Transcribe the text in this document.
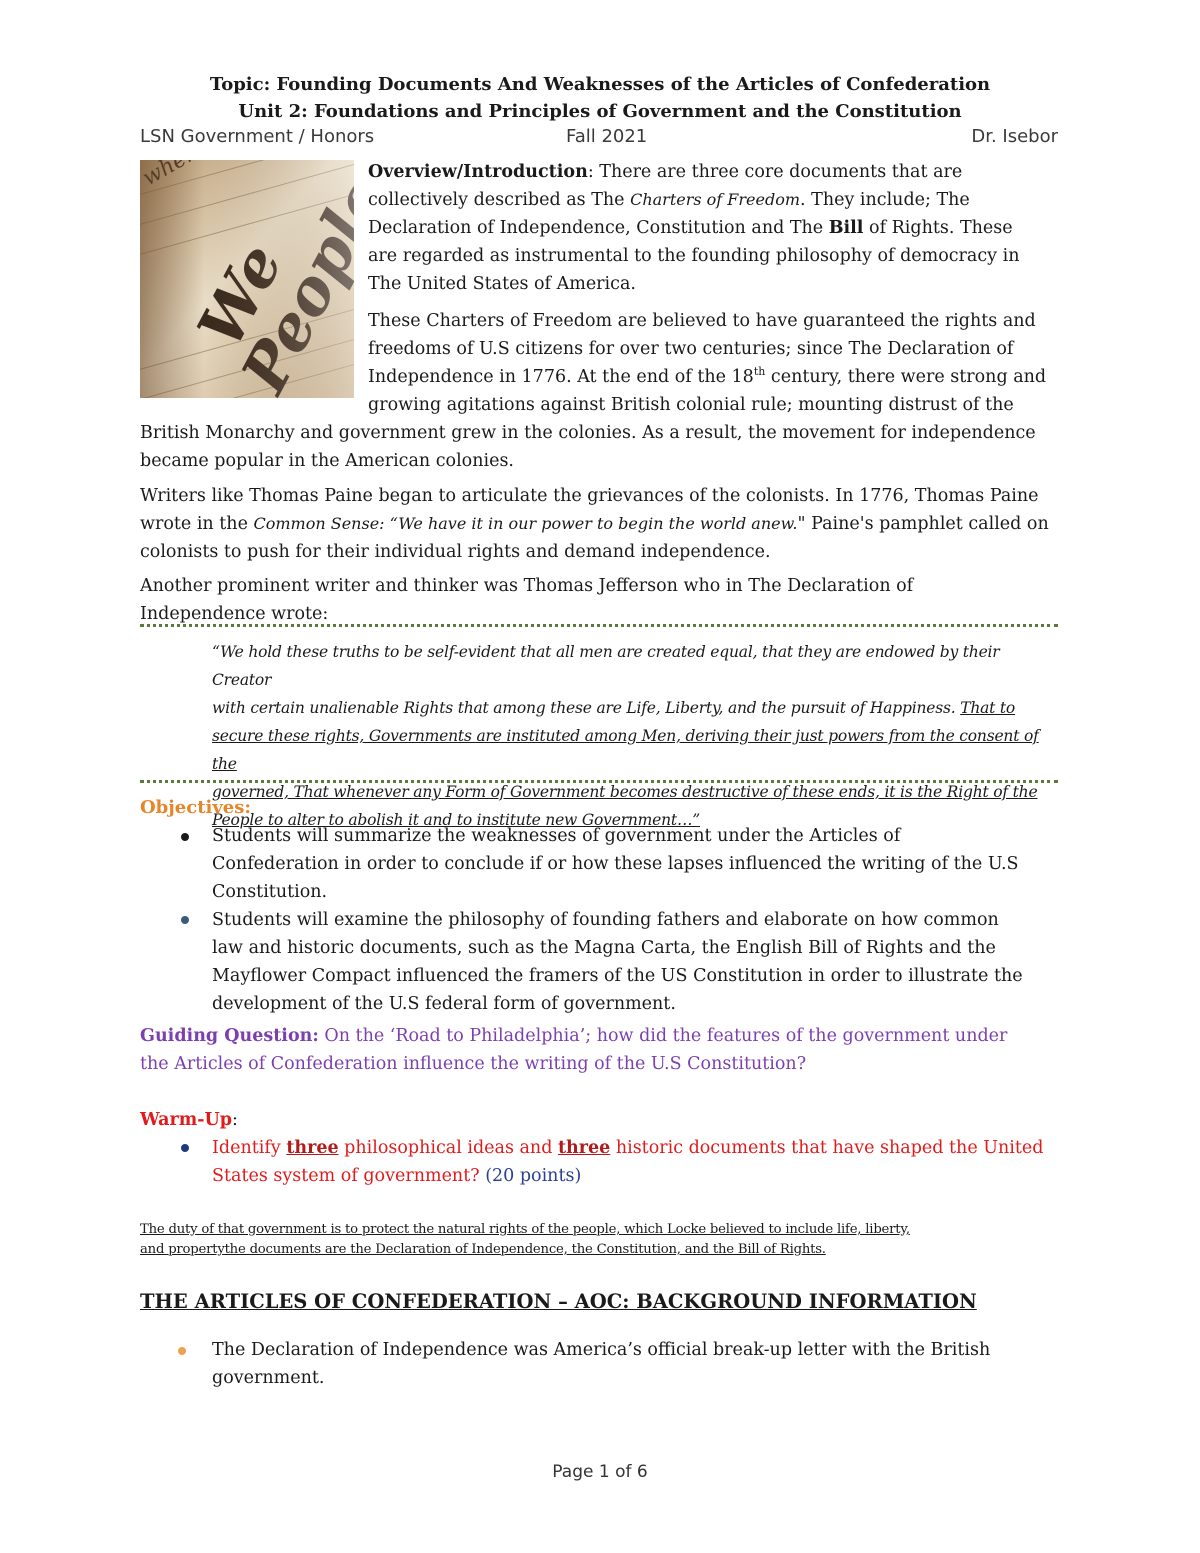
Topic: Founding Documents And Weaknesses of the Articles of Confederation
Unit 2: Foundations and Principles of Government and the Constitution
LSN Government / Honors	Fall 2021	Dr. Isebor

Overview/Introduction: There are three core documents that are

collectively described as The Charters of Freedom. They include; The

Declaration of Independence, Constitution and The Bill of Rights. These

are regarded as instrumental to the founding philosophy of democracy in

The United States of America.

These Charters of Freedom are believed to have guaranteed the rights and
freedoms of U.S citizens for over two centuries; since The Declaration of
Independence in 1776. At the end of the 18th century, there were strong and
growing agitations against British colonial rule; mounting distrust of the
British Monarchy and government grew in the colonies. As a result, the movement for independence
became popular in the American colonies.
Writers like Thomas Paine began to articulate the grievances of the colonists. In 1776, Thomas Paine
wrote in the Common Sense: “We have it in our power to begin the world anew." Paine's pamphlet called on
colonists to push for their individual rights and demand independence.
Another prominent writer and thinker was Thomas Jefferson who in The Declaration of
Independence wrote:
“We hold these truths to be self-evident that all men are created equal, that they are endowed by their Creator
with certain unalienable Rights that among these are Life, Liberty, and the pursuit of Happiness. That to
secure these rights, Governments are instituted among Men, deriving their just powers from the consent of the
governed, That whenever any Form of Government becomes destructive of these ends, it is the Right of the
People to alter to abolish it and to institute new Government…”
Objectives:
Students will summarize the weaknesses of government under the Articles of
Confederation in order to conclude if or how these lapses influenced the writing of the U.S
Constitution.
Students will examine the philosophy of founding fathers and elaborate on how common
law and historic documents, such as the Magna Carta, the English Bill of Rights and the
Mayflower Compact influenced the framers of the US Constitution in order to illustrate the
development of the U.S federal form of government.
Guiding Question: On the ‘Road to Philadelphia’; how did the features of the government under
the Articles of Confederation influence the writing of the U.S Constitution?
Warm-Up:
Identify three philosophical ideas and three historic documents that have shaped the United
States system of government? (20 points)
The duty of that government is to protect the natural rights of the people, which Locke believed to include life, liberty,
and propertythe documents are the Declaration of Independence, the Constitution, and the Bill of Rights.
THE ARTICLES OF CONFEDERATION – AOC: BACKGROUND INFORMATION
The Declaration of Independence was America’s official break-up letter with the British
government.
Page 1 of 6
